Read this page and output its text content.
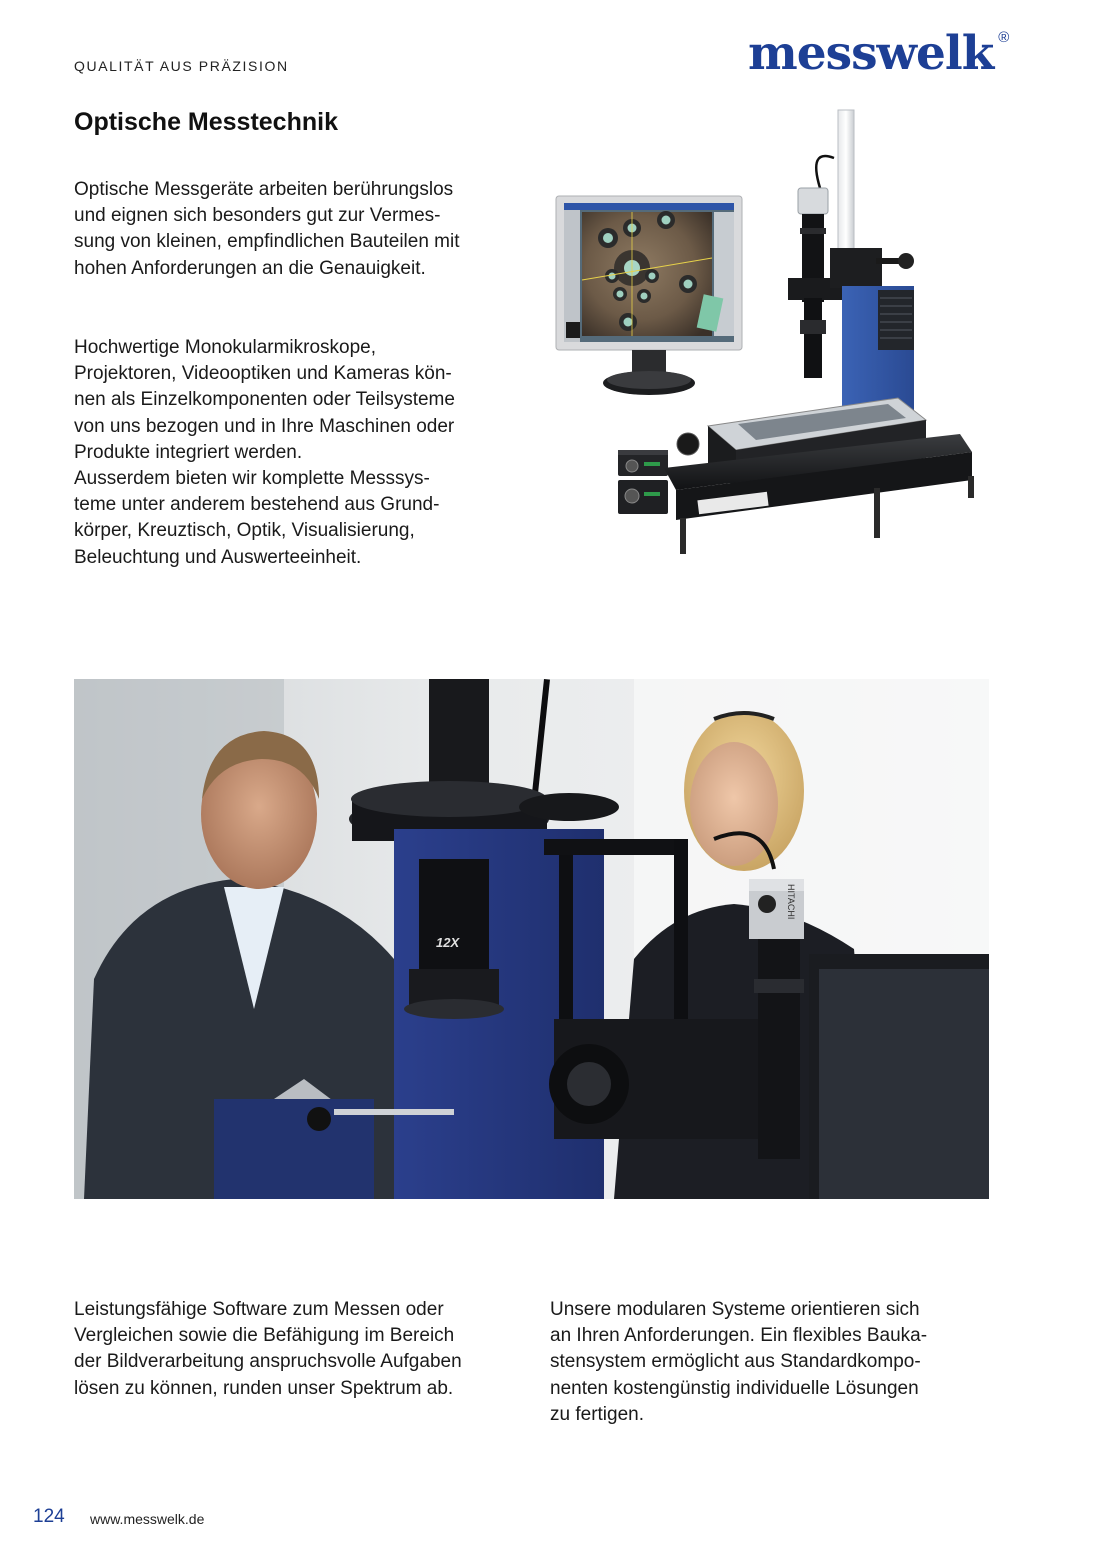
QUALITÄT AUS PRÄZISION	messwelk ®
Optische Messtechnik
Optische Messgeräte arbeiten berührungslos
und eignen sich besonders gut zur Vermes-
sung von kleinen, empfindlichen Bauteilen mit
hohen Anforderungen an die Genauigkeit.
Hochwertige Monokularmikroskope,
Projektoren, Videooptiken und Kameras kön-
nen als Einzelkomponenten oder Teilsysteme
von uns bezogen und in Ihre Maschinen oder
Produkte integriert werden.
Ausserdem bieten wir komplette Messsys-
teme unter anderem bestehend aus Grund-
körper, Kreuztisch, Optik, Visualisierung,
Beleuchtung und Auswerteeinheit.
12X
HITACHI
Leistungsfähige Software zum Messen oder
Vergleichen sowie die Befähigung im Bereich
der Bildverarbeitung anspruchsvolle Aufgaben
lösen zu können, runden unser Spektrum ab.
Unsere modularen Systeme orientieren sich
an Ihren Anforderungen. Ein flexibles Bauka-
stensystem ermöglicht aus Standardkompo-
nenten kostengünstig individuelle Lösungen
zu fertigen.
124 www.messwelk.de
